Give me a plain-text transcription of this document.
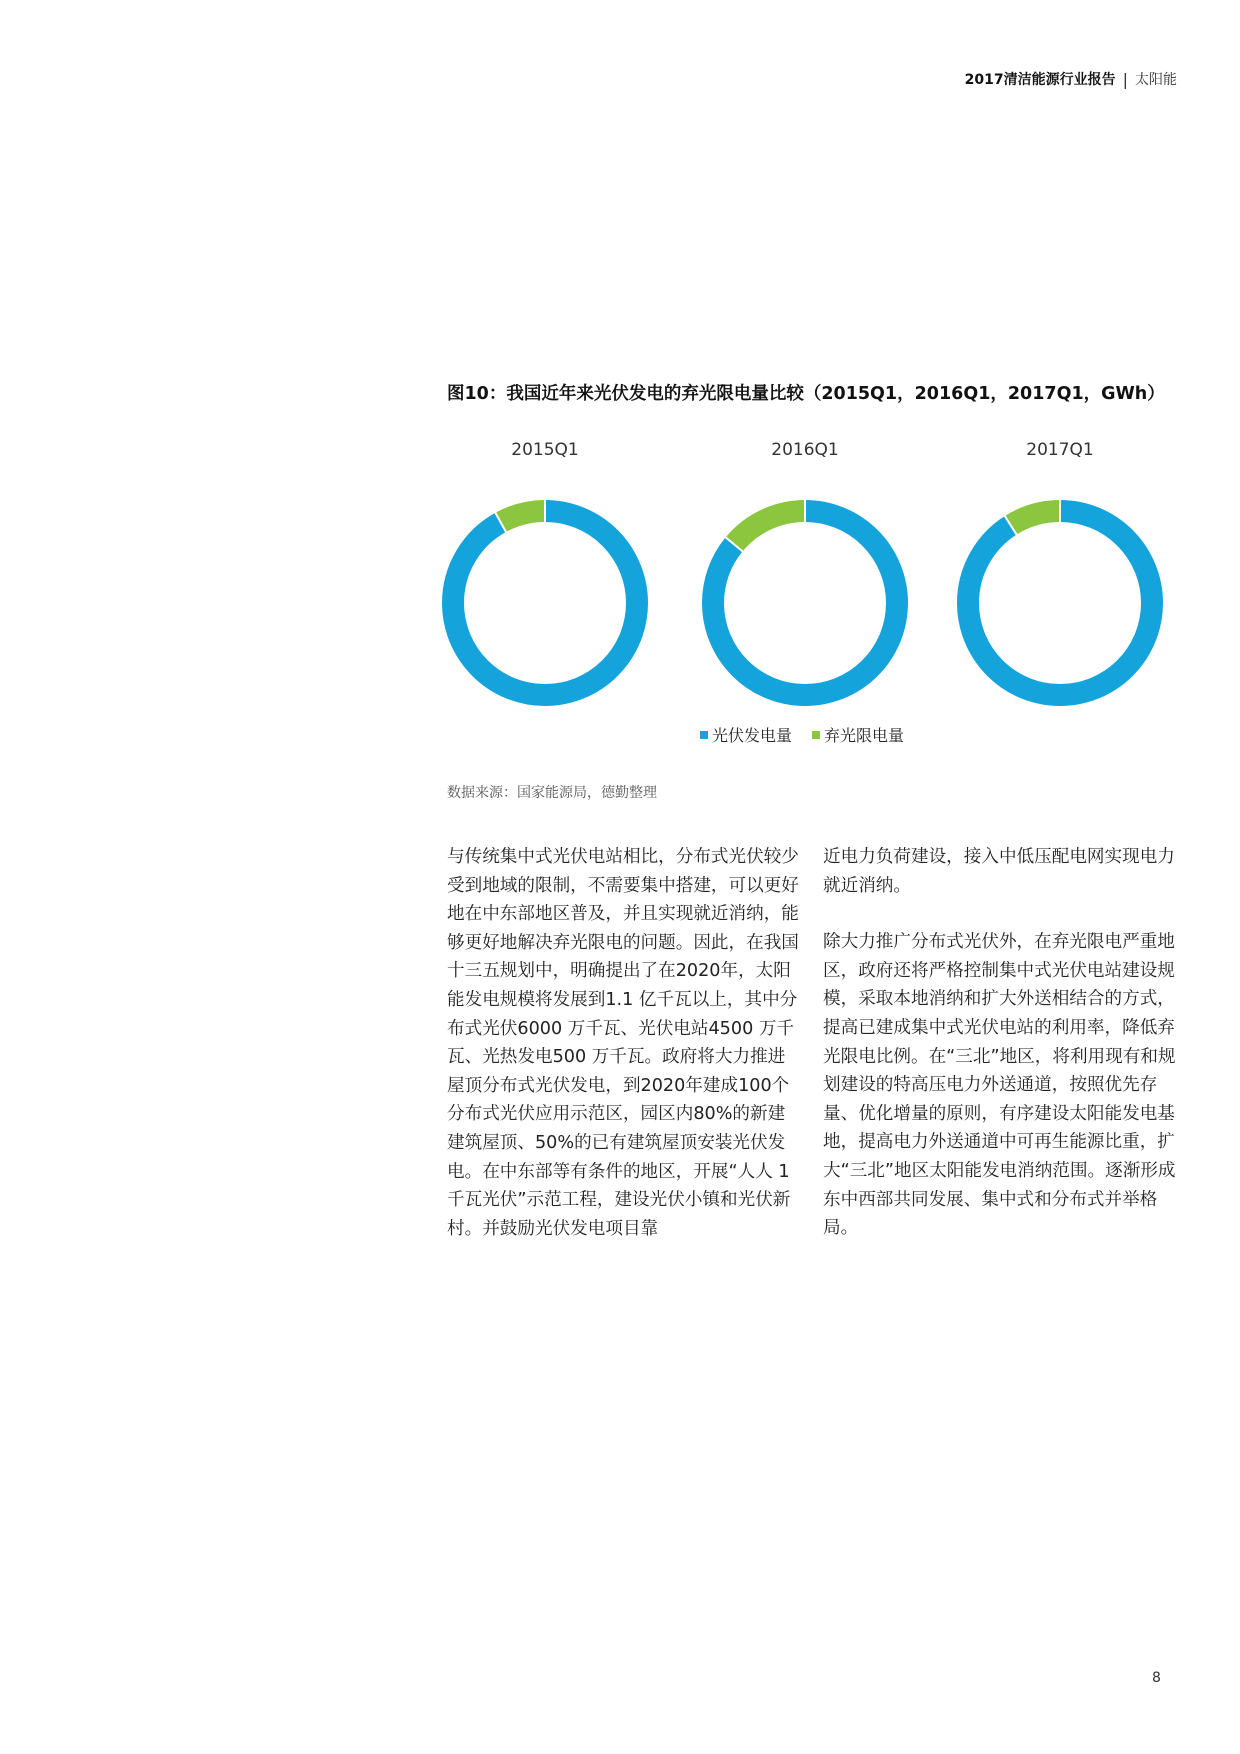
2017清洁能源行业报告 | 太阳能
图10：我国近年来光伏发电的弃光限电量比较（2015Q1，2016Q1，2017Q1，GWh）
2015Q1	2016Q1	2017Q1
光伏发电量 弃光限电量
数据来源：国家能源局，德勤整理

与传统集中式光伏电站相比，分布式光伏较少受到地域的限制，不需要集中搭建，可以更好地在中东部地区普及，并且实现就近消纳，能够更好地解决弃光限电的问题。因此，在我国十三五规划中，明确提出了在2020年，太阳能发电规模将发展到1.1 亿千瓦以上，其中分布式光伏6000 万千瓦、光伏电站4500 万千瓦、光热发电500 万千瓦。政府将大力推进屋顶分布式光伏发电，到2020年建成100个分布式光伏应用示范区，园区内80%的新建建筑屋顶、50%的已有建筑屋顶安装光伏发电。在中东部等有条件的地区，开展“人人 1千瓦光伏”示范工程，建设光伏小镇和光伏新村。并鼓励光伏发电项目靠

近电力负荷建设，接入中低压配电网实现电力就近消纳。

除大力推广分布式光伏外，在弃光限电严重地区，政府还将严格控制集中式光伏电站建设规模，采取本地消纳和扩大外送相结合的方式，提高已建成集中式光伏电站的利用率，降低弃光限电比例。在“三北”地区，将利用现有和规划建设的特高压电力外送通道，按照优先存量、优化增量的原则，有序建设太阳能发电基地，提高电力外送通道中可再生能源比重，扩大“三北”地区太阳能发电消纳范围。逐渐形成东中西部共同发展、集中式和分布式并举格局。

8
